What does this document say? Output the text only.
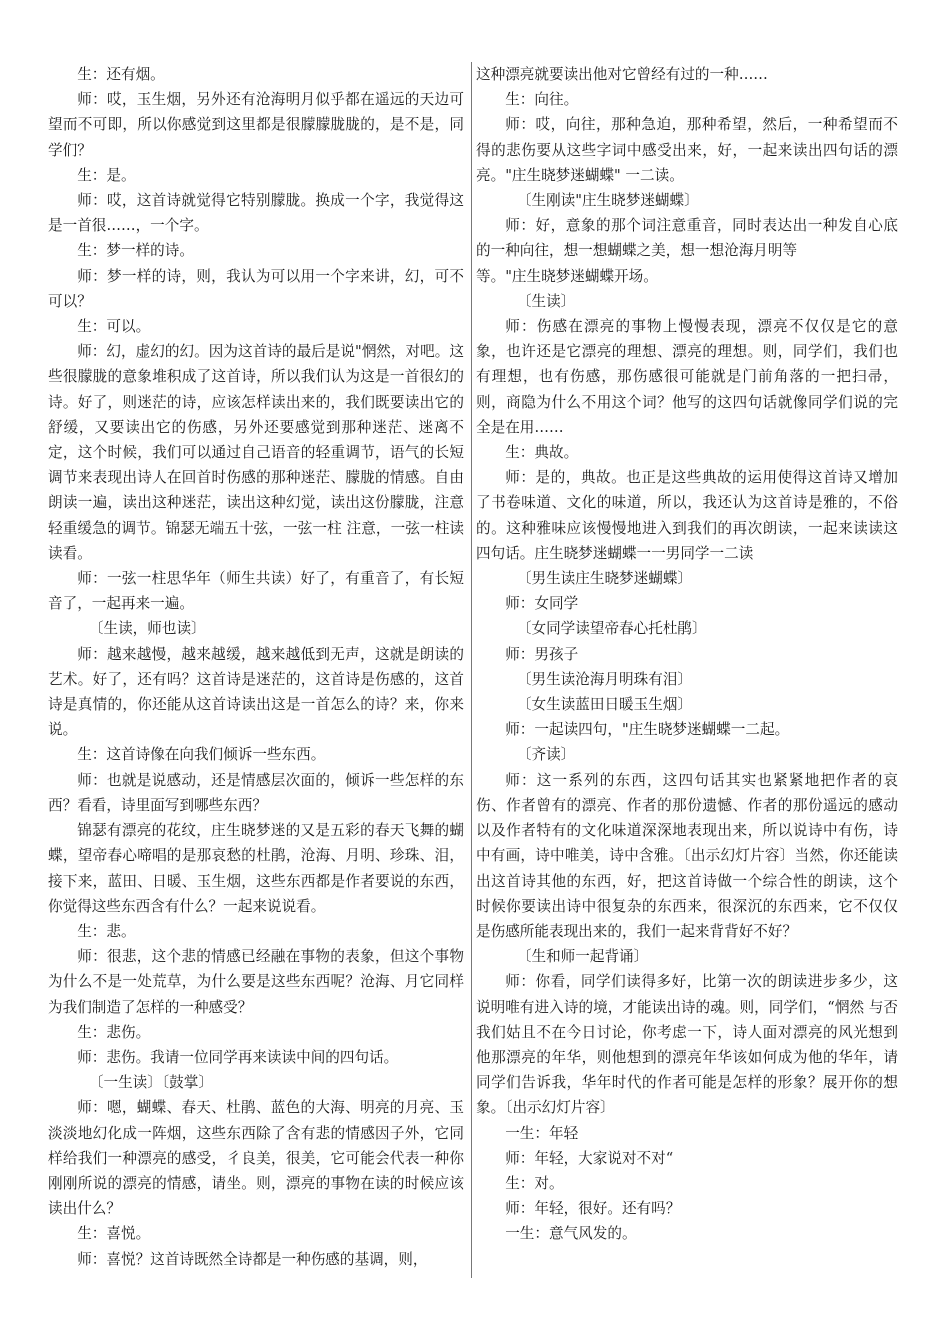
生：还有烟。

师：哎，玉生烟，另外还有沧海明月似乎都在遥远的天边可望而不可即，所以你感觉到这里都是很朦朦胧胧的，是不是，同学们？

生：是。

师：哎，这首诗就觉得它特别朦胧。换成一个字，我觉得这是一首很……，一个字。

生：梦一样的诗。

师：梦一样的诗，则，我认为可以用一个字来讲，幻，可不可以？

生：可以。

师：幻，虚幻的幻。因为这首诗的最后是说"惘然，对吧。这些很朦胧的意象堆积成了这首诗，所以我们认为这是一首很幻的诗。好了，则迷茫的诗，应该怎样读出来的，我们既要读出它的舒缓，又要读出它的伤感，另外还要感觉到那种迷茫、迷离不定，这个时候，我们可以通过自己语音的轻重调节，语气的长短调节来表现出诗人在回首时伤感的那种迷茫、朦胧的情感。自由朗读一遍，读出这种迷茫，读出这种幻觉，读出这份朦胧，注意轻重缓急的调节。锦瑟无端五十弦，一弦一柱 注意，一弦一柱读读看。

师：一弦一柱思华年（师生共读）好了，有重音了，有长短音了，一起再来一遍。

〔生读，师也读〕

师：越来越慢，越来越缓，越来越低到无声，这就是朗读的艺术。好了，还有吗？这首诗是迷茫的，这首诗是伤感的，这首诗是真情的，你还能从这首诗读出这是一首怎么的诗？来，你来说。

生：这首诗像在向我们倾诉一些东西。

师：也就是说感动，还是情感层次面的，倾诉一些怎样的东西？看看，诗里面写到哪些东西？

锦瑟有漂亮的花纹，庄生晓梦迷的又是五彩的春天飞舞的蝴蝶，望帝春心啼唱的是那哀愁的杜鹃，沧海、月明、珍珠、泪，接下来，蓝田、日暖、玉生烟，这些东西都是作者要说的东西，你觉得这些东西含有什么？一起来说说看。

生：悲。

师：很悲，这个悲的情感已经融在事物的表象，但这个事物为什么不是一处荒草，为什么要是这些东西呢？沧海、月它同样为我们制造了怎样的一种感受？

生：悲伤。

师：悲伤。我请一位同学再来读读中间的四句话。

〔一生读〕〔鼓掌〕

师：嗯，蝴蝶、春天、杜鹃、蓝色的大海、明亮的月亮、玉淡淡地幻化成一阵烟，这些东西除了含有悲的情感因子外，它同样给我们一种漂亮的感受，彳良美，很美，它可能会代表一种你刚刚所说的漂亮的情感，请坐。则，漂亮的事物在读的时候应该读出什么？

生：喜悦。

师：喜悦？这首诗既然全诗都是一种伤感的基调，则，

这种漂亮就要读出他对它曾经有过的一种……

生：向往。

师：哎，向往，那种急迫，那种希望，然后，一种希望而不得的悲伤要从这些字词中感受出来，好，一起来读出四句话的漂亮。"庄生晓梦迷蝴蝶" 一二读。

〔生刚读"庄生晓梦迷蝴蝶〕

师：好，意象的那个词注意重音，同时表达出一种发自心底的一种向往，想一想蝴蝶之美，想一想沧海月明等

等。"庄生晓梦迷蝴蝶开场。

〔生读〕

师：伤感在漂亮的事物上慢慢表现，漂亮不仅仅是它的意象，也许还是它漂亮的理想、漂亮的理想。则，同学们，我们也有理想，也有伤感，那伤感很可能就是门前角落的一把扫帚，则，商隐为什么不用这个词？他写的这四句话就像同学们说的完全是在用……

生：典故。

师：是的，典故。也正是这些典故的运用使得这首诗又增加了书卷味道、文化的味道，所以，我还认为这首诗是雅的，不俗的。这种雅味应该慢慢地进入到我们的再次朗读，一起来读读这四句话。庄生晓梦迷蝴蝶一一男同学一二读

〔男生读庄生晓梦迷蝴蝶〕

师：女同学

〔女同学读望帝春心托杜鹃〕

师：男孩子

〔男生读沧海月明珠有泪〕

〔女生读蓝田日暖玉生烟〕

师：一起读四句，"庄生晓梦迷蝴蝶一二起。

〔齐读〕

师：这一系列的东西，这四句话其实也紧紧地把作者的哀伤、作者曾有的漂亮、作者的那份遗憾、作者的那份遥远的感动以及作者特有的文化味道深深地表现出来，所以说诗中有伤，诗中有画，诗中唯美，诗中含雅。〔出示幻灯片容〕当然，你还能读出这首诗其他的东西，好，把这首诗做一个综合性的朗读，这个时候你要读出诗中很复杂的东西来，很深沉的东西来，它不仅仅是伤感所能表现出来的，我们一起来背背好不好？

〔生和师一起背诵〕

师：你看，同学们读得多好，比第一次的朗读进步多少，这说明唯有进入诗的境，才能读出诗的魂。则，同学们，“惘然 与否我们姑且不在今日讨论，你考虑一下，诗人面对漂亮的风光想到他那漂亮的年华，则他想到的漂亮年华该如何成为他的华年，请同学们告诉我，华年时代的作者可能是怎样的形象？展开你的想象。〔出示幻灯片容〕

一生：年轻

师：年轻，大家说对不对“

生：对。

师：年轻，很好。还有吗？

一生：意气风发的。
